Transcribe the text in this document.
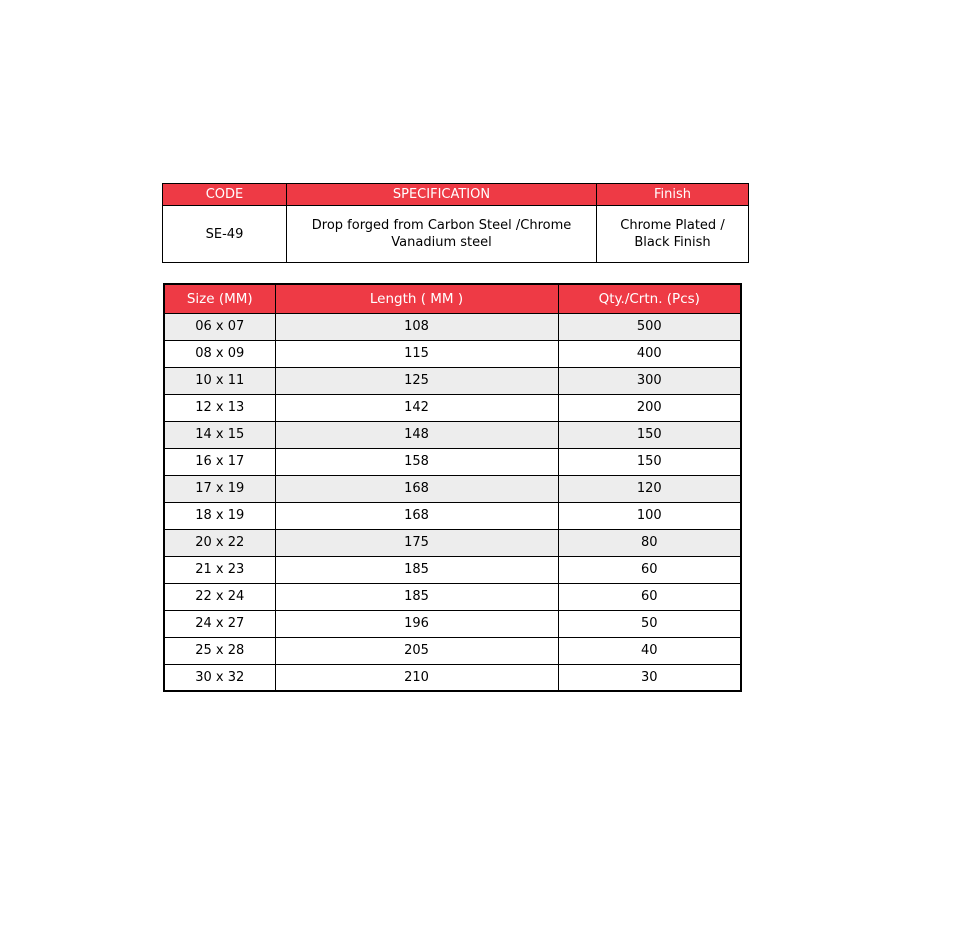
CODE	SPECIFICATION	Finish
SE-49	Drop forged from Carbon Steel /Chrome Vanadium steel	Chrome Plated / Black Finish
Size (MM)	Length ( MM )	Qty./Crtn. (Pcs)
06 x 07	108	500
08 x 09	115	400
10 x 11	125	300
12 x 13	142	200
14 x 15	148	150
16 x 17	158	150
17 x 19	168	120
18 x 19	168	100
20 x 22	175	80
21 x 23	185	60
22 x 24	185	60
24 x 27	196	50
25 x 28	205	40
30 x 32	210	30
